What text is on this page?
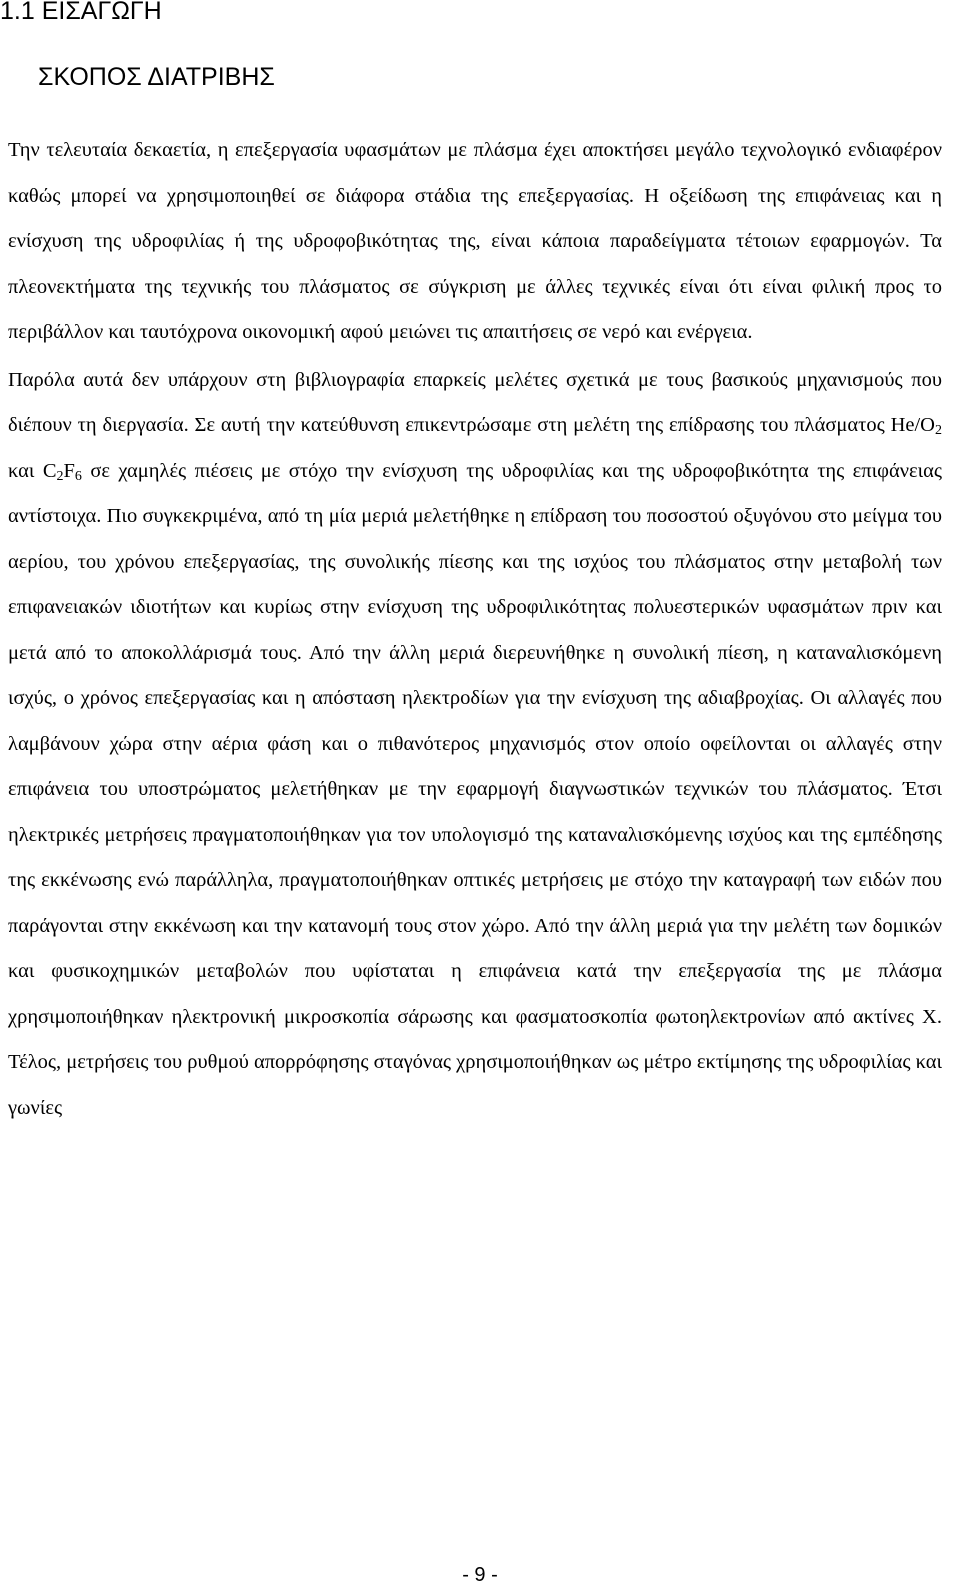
1.1 ΕΙΣΑΓΩΓΗ
ΣΚΟΠΟΣ ΔΙΑΤΡΙΒΗΣ

Την τελευταία δεκαετία, η επεξεργασία υφασμάτων με πλάσμα έχει αποκτήσει μεγάλο τεχνολογικό ενδιαφέρον καθώς μπορεί να χρησιμοποιηθεί σε διάφορα στάδια της επεξεργασίας. Η οξείδωση της επιφάνειας και η ενίσχυση της υδροφιλίας ή της υδροφοβικότητας της, είναι κάποια παραδείγματα τέτοιων εφαρμογών. Τα πλεονεκτήματα της τεχνικής του πλάσματος σε σύγκριση με άλλες τεχνικές είναι ότι είναι φιλική προς το περιβάλλον και ταυτόχρονα οικονομική αφού μειώνει τις απαιτήσεις σε νερό και ενέργεια.

Παρόλα αυτά δεν υπάρχουν στη βιβλιογραφία επαρκείς μελέτες σχετικά με τους βασικούς μηχανισμούς που διέπουν τη διεργασία. Σε αυτή την κατεύθυνση επικεντρώσαμε στη μελέτη της επίδρασης του πλάσματος $He/O_2$ και $C_2F_6$ σε χαμηλές πιέσεις με στόχο την ενίσχυση της υδροφιλίας και της υδροφοβικότητα της επιφάνειας αντίστοιχα. Πιο συγκεκριμένα, από τη μία μεριά μελετήθηκε η επίδραση του ποσοστού οξυγόνου στο μείγμα του αερίου, του χρόνου επεξεργασίας, της συνολικής πίεσης και της ισχύος του πλάσματος στην μεταβολή των επιφανειακών ιδιοτήτων και κυρίως στην ενίσχυση της υδροφιλικότητας πολυεστερικών υφασμάτων πριν και μετά από το αποκολλάρισμά τους. Από την άλλη μεριά διερευνήθηκε η συνολική πίεση, η καταναλισκόμενη ισχύς, ο χρόνος επεξεργασίας και η απόσταση ηλεκτροδίων για την ενίσχυση της αδιαβροχίας. Οι αλλαγές που λαμβάνουν χώρα στην αέρια φάση και ο πιθανότερος μηχανισμός στον οποίο οφείλονται οι αλλαγές στην επιφάνεια του υποστρώματος μελετήθηκαν με την εφαρμογή διαγνωστικών τεχνικών του πλάσματος. Έτσι ηλεκτρικές μετρήσεις πραγματοποιήθηκαν για τον υπολογισμό της καταναλισκόμενης ισχύος και της εμπέδησης της εκκένωσης ενώ παράλληλα, πραγματοποιήθηκαν οπτικές μετρήσεις με στόχο την καταγραφή των ειδών που παράγονται στην εκκένωση και την κατανομή τους στον χώρο. Από την άλλη μεριά για την μελέτη των δομικών και φυσικοχημικών μεταβολών που υφίσταται η επιφάνεια κατά την επεξεργασία της με πλάσμα χρησιμοποιήθηκαν ηλεκτρονική μικροσκοπία σάρωσης και φασματοσκοπία φωτοηλεκτρονίων από ακτίνες X. Τέλος, μετρήσεις του ρυθμού απορρόφησης σταγόνας χρησιμοποιήθηκαν ως μέτρο εκτίμησης της υδροφιλίας και γωνίες

- 9 -
